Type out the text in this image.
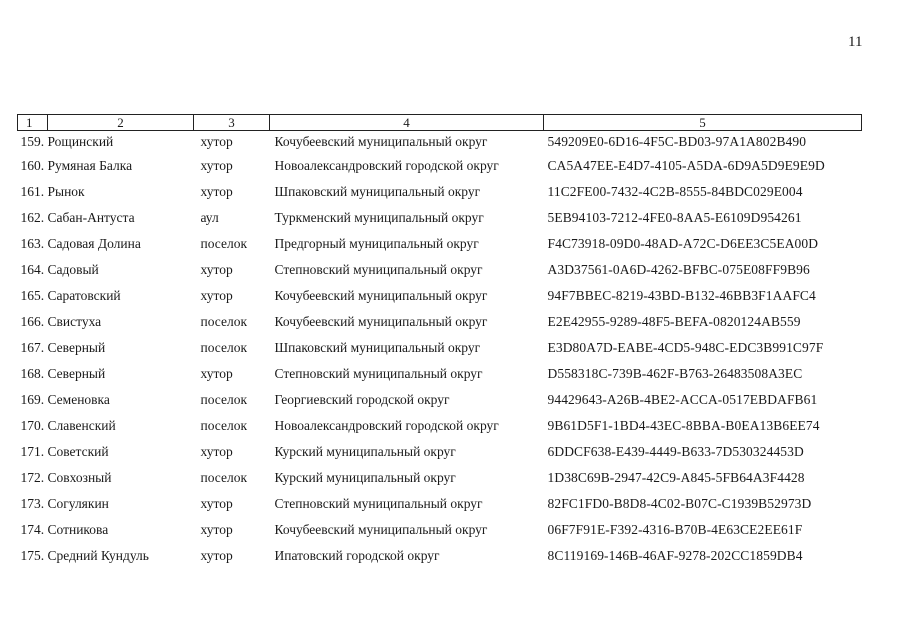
11
1	2	3	4	5
159. Рощинский		хутор	Кочубеевский муниципальный округ	549209E0-6D16-4F5C-BD03-97A1A802B490
160. Румяная Балка		хутор	Новоалександровский городской округ	CA5A47EE-E4D7-4105-A5DA-6D9A5D9E9E9D
161. Рынок		хутор	Шпаковский муниципальный округ	11C2FE00-7432-4C2B-8555-84BDC029E004
162. Сабан-Антуста		аул	Туркменский муниципальный округ	5EB94103-7212-4FE0-8AA5-E6109D954261
163. Садовая Долина		поселок	Предгорный муниципальный округ	F4C73918-09D0-48AD-A72C-D6EE3C5EA00D
164. Садовый		хутор	Степновский муниципальный округ	A3D37561-0A6D-4262-BFBC-075E08FF9B96
165. Саратовский		хутор	Кочубеевский муниципальный округ	94F7BBEC-8219-43BD-B132-46BB3F1AAFC4
166. Свистуха		поселок	Кочубеевский муниципальный округ	E2E42955-9289-48F5-BEFA-0820124AB559
167. Северный		поселок	Шпаковский муниципальный округ	E3D80A7D-EABE-4CD5-948C-EDC3B991C97F
168. Северный		хутор	Степновский муниципальный округ	D558318C-739B-462F-B763-26483508A3EC
169. Семеновка		поселок	Георгиевский городской округ	94429643-A26B-4BE2-ACCA-0517EBDAFB61
170. Славенский		поселок	Новоалександровский городской округ	9B61D5F1-1BD4-43EC-8BBA-B0EA13B6EE74
171. Советский		хутор	Курский муниципальный округ	6DDCF638-E439-4449-B633-7D530324453D
172. Совхозный		поселок	Курский муниципальный округ	1D38C69B-2947-42C9-A845-5FB64A3F4428
173. Согулякин		хутор	Степновский муниципальный округ	82FC1FD0-B8D8-4C02-B07C-C1939B52973D
174. Сотникова		хутор	Кочубеевский муниципальный округ	06F7F91E-F392-4316-B70B-4E63CE2EE61F
175. Средний Кундуль		хутор	Ипатовский городской округ	8C119169-146B-46AF-9278-202CC1859DB4
